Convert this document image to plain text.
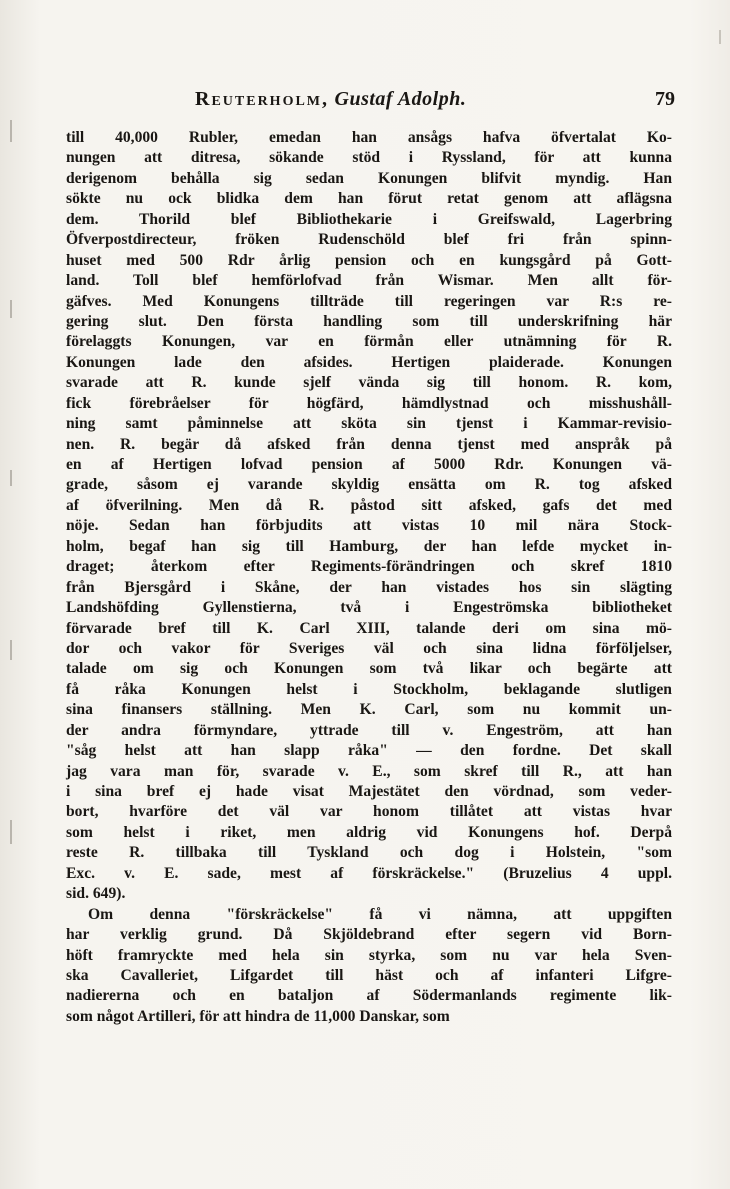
Reuterholm, Gustaf Adolph.	79
till 40,000 Rubler, emedan han ansågs hafva öfvertalat Ko-
nungen att ditresa, sökande stöd i Ryssland, för att kunna
derigenom behålla sig sedan Konungen blifvit myndig. Han
sökte nu ock blidka dem han förut retat genom att aflägsna
dem. Thorild blef Bibliothekarie i Greifswald, Lagerbring
Öfverpostdirecteur, fröken Rudenschöld blef fri från spinn-
huset med 500 Rdr årlig pension och en kungsgård på Gott-
land. Toll blef hemförlofvad från Wismar. Men allt för-
gäfves. Med Konungens tillträde till regeringen var R:s re-
gering slut. Den första handling som till underskrifning här
förelaggts Konungen, var en förmån eller utnämning för R.
Konungen lade den afsides. Hertigen plaiderade. Konungen
svarade att R. kunde sjelf vända sig till honom. R. kom,
fick förebråelser för högfärd, hämdlystnad och misshushåll-
ning samt påminnelse att sköta sin tjenst i Kammar-revisio-
nen. R. begär då afsked från denna tjenst med anspråk på
en af Hertigen lofvad pension af 5000 Rdr. Konungen vä-
grade, såsom ej varande skyldig ensätta om R. tog afsked
af öfverilning. Men då R. påstod sitt afsked, gafs det med
nöje. Sedan han förbjudits att vistas 10 mil nära Stock-
holm, begaf han sig till Hamburg, der han lefde mycket in-
draget; återkom efter Regiments-förändringen och skref 1810
från Bjersgård i Skåne, der han vistades hos sin slägting
Landshöfding Gyllenstierna, två i Engeströmska bibliotheket
förvarade bref till K. Carl XIII, talande deri om sina mö-
dor och vakor för Sveriges väl och sina lidna förföljelser,
talade om sig och Konungen som två likar och begärte att
få råka Konungen helst i Stockholm, beklagande slutligen
sina finansers ställning. Men K. Carl, som nu kommit un-
der andra förmyndare, yttrade till v. Engeström, att han
"såg helst att han slapp råka" — den fordne. Det skall
jag vara man för, svarade v. E., som skref till R., att han
i sina bref ej hade visat Majestätet den vördnad, som veder-
bort, hvarföre det väl var honom tillåtet att vistas hvar
som helst i riket, men aldrig vid Konungens hof. Derpå
reste R. tillbaka till Tyskland och dog i Holstein, "som
Exc. v. E. sade, mest af förskräckelse." (Bruzelius 4 uppl.
sid. 649).
Om denna "förskräckelse" få vi nämna, att uppgiften
har verklig grund. Då Skjöldebrand efter segern vid Born-
höft framryckte med hela sin styrka, som nu var hela Sven-
ska Cavalleriet, Lifgardet till häst och af infanteri Lifgre-
nadiererna och en bataljon af Södermanlands regimente lik-
som något Artilleri, för att hindra de 11,000 Danskar, som
